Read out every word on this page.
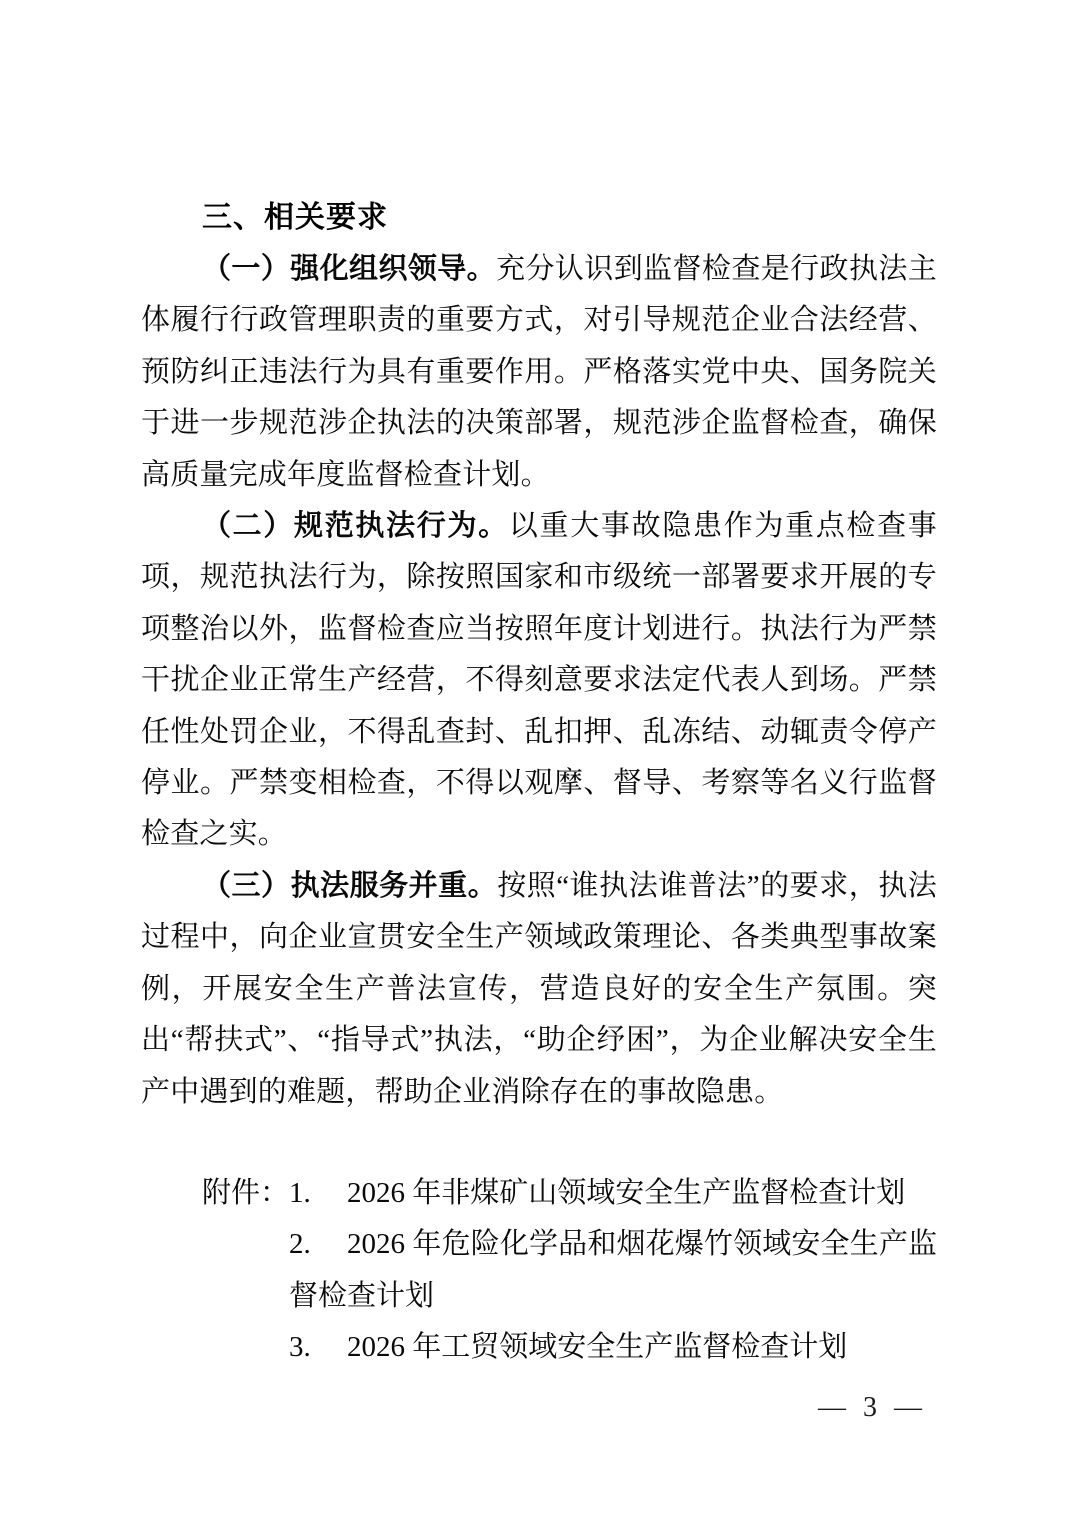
三、相关要求

（一）强化组织领导。充分认识到监督检查是行政执法主体履行行政管理职责的重要方式，对引导规范企业合法经营、预防纠正违法行为具有重要作用。严格落实党中央、国务院关于进一步规范涉企执法的决策部署，规范涉企监督检查，确保高质量完成年度监督检查计划。

（二）规范执法行为。以重大事故隐患作为重点检查事项，规范执法行为，除按照国家和市级统一部署要求开展的专项整治以外，监督检查应当按照年度计划进行。执法行为严禁干扰企业正常生产经营，不得刻意要求法定代表人到场。严禁任性处罚企业，不得乱查封、乱扣押、乱冻结、动辄责令停产停业。严禁变相检查，不得以观摩、督导、考察等名义行监督检查之实。

（三）执法服务并重。按照“谁执法谁普法”的要求，执法过程中，向企业宣贯安全生产领域政策理论、各类典型事故案例，开展安全生产普法宣传，营造良好的安全生产氛围。突出“帮扶式”、“指导式”执法，“助企纾困”，为企业解决安全生产中遇到的难题，帮助企业消除存在的事故隐患。

附件： 1. 2026 年非煤矿山领域安全生产监督检查计划
2. 2026 年危险化学品和烟花爆竹领域安全生产监督检查计划
3. 2026 年工贸领域安全生产监督检查计划
— 3 —
